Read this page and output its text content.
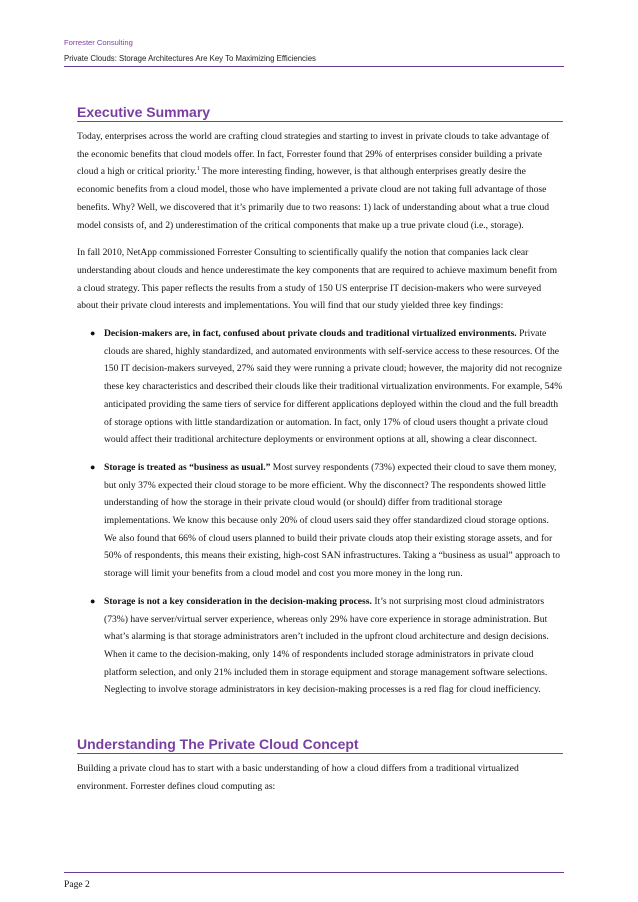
Forrester Consulting
Private Clouds: Storage Architectures Are Key To Maximizing Efficiencies
Executive Summary

Today, enterprises across the world are crafting cloud strategies and starting to invest in private clouds to take advantage of the economic benefits that cloud models offer. In fact, Forrester found that 29% of enterprises consider building a private cloud a high or critical priority.$^1$ The more interesting finding, however, is that although enterprises greatly desire the economic benefits from a cloud model, those who have implemented a private cloud are not taking full advantage of those benefits. Why? Well, we discovered that it’s primarily due to two reasons: 1) lack of understanding about what a true cloud model consists of, and 2) underestimation of the critical components that make up a true private cloud (i.e., storage).

In fall 2010, NetApp commissioned Forrester Consulting to scientifically qualify the notion that companies lack clear understanding about clouds and hence underestimate the key components that are required to achieve maximum benefit from a cloud strategy. This paper reflects the results from a study of 150 US enterprise IT decision-makers who were surveyed about their private cloud interests and implementations. You will find that our study yielded three key findings:

● Decision-makers are, in fact, confused about private clouds and traditional virtualized environments. Private clouds are shared, highly standardized, and automated environments with self-service access to these resources. Of the 150 IT decision-makers surveyed, 27% said they were running a private cloud; however, the majority did not recognize these key characteristics and described their clouds like their traditional virtualization environments. For example, 54% anticipated providing the same tiers of service for different applications deployed within the cloud and the full breadth of storage options with little standardization or automation. In fact, only 17% of cloud users thought a private cloud would affect their traditional architecture deployments or environment options at all, showing a clear disconnect.
● Storage is treated as “business as usual.” Most survey respondents (73%) expected their cloud to save them money, but only 37% expected their cloud storage to be more efficient. Why the disconnect? The respondents showed little understanding of how the storage in their private cloud would (or should) differ from traditional storage implementations. We know this because only 20% of cloud users said they offer standardized cloud storage options. We also found that 66% of cloud users planned to build their private clouds atop their existing storage assets, and for 50% of respondents, this means their existing, high-cost SAN infrastructures. Taking a “business as usual” approach to storage will limit your benefits from a cloud model and cost you more money in the long run.
● Storage is not a key consideration in the decision-making process. It’s not surprising most cloud administrators (73%) have server/virtual server experience, whereas only 29% have core experience in storage administration. But what’s alarming is that storage administrators aren’t included in the upfront cloud architecture and design decisions. When it came to the decision-making, only 14% of respondents included storage administrators in private cloud platform selection, and only 21% included them in storage equipment and storage management software selections. Neglecting to involve storage administrators in key decision-making processes is a red flag for cloud inefficiency.
Understanding The Private Cloud Concept

Building a private cloud has to start with a basic understanding of how a cloud differs from a traditional virtualized environment. Forrester defines cloud computing as:

Page 2
